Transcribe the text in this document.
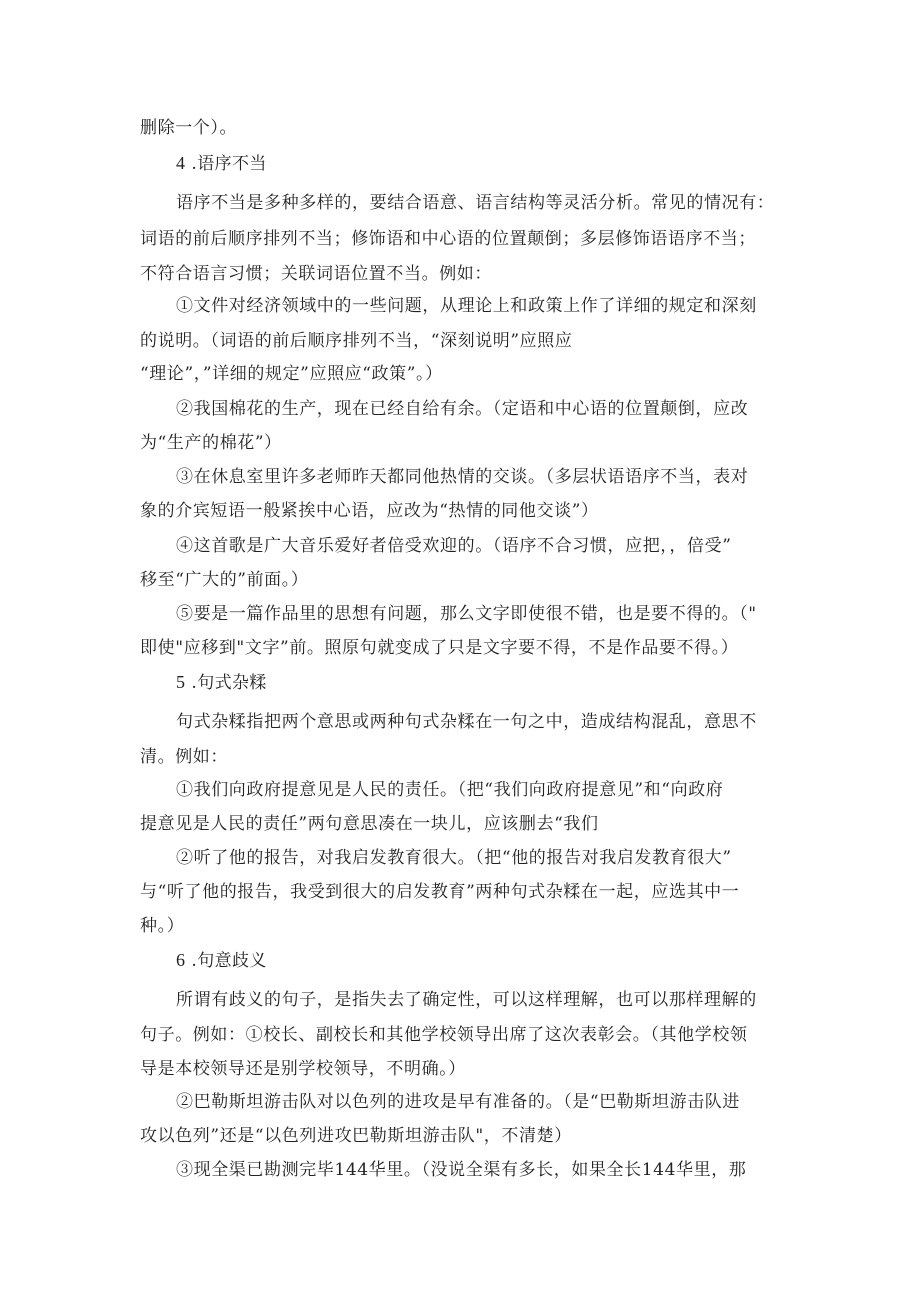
删除一个）。
4 .语序不当
语序不当是多种多样的，要结合语意、语言结构等灵活分析。常见的情况有：
词语的前后顺序排列不当；修饰语和中心语的位置颠倒；多层修饰语语序不当；
不符合语言习惯；关联词语位置不当。例如：
①文件对经济领域中的一些问题，从理论上和政策上作了详细的规定和深刻
的说明。（词语的前后顺序排列不当，“深刻说明”应照应
“理论”，”详细的规定”应照应“政策”。）
②我国棉花的生产，现在已经自给有余。（定语和中心语的位置颠倒，应改
为“生产的棉花”）
③在休息室里许多老师昨天都同他热情的交谈。（多层状语语序不当，表对
象的介宾短语一般紧挨中心语，应改为“热情的同他交谈”）
④这首歌是广大音乐爱好者倍受欢迎的。（语序不合习惯，应把，，倍受”
移至“广大的”前面。）
⑤要是一篇作品里的思想有问题，那么文字即使很不错，也是要不得的。（"
即使"应移到"文字”前。照原句就变成了只是文字要不得，不是作品要不得。）
5 .句式杂糅
句式杂糅指把两个意思或两种句式杂糅在一句之中，造成结构混乱，意思不
清。例如：
①我们向政府提意见是人民的责任。（把“我们向政府提意见”和“向政府
提意见是人民的责任”两句意思凑在一块儿，应该删去“我们
②听了他的报告，对我启发教育很大。（把“他的报告对我启发教育很大”
与“听了他的报告，我受到很大的启发教育”两种句式杂糅在一起，应选其中一
种。）
6 .句意歧义
所谓有歧义的句子，是指失去了确定性，可以这样理解，也可以那样理解的
句子。例如：①校长、副校长和其他学校领导出席了这次表彰会。（其他学校领
导是本校领导还是别学校领导，不明确。）
②巴勒斯坦游击队对以色列的进攻是早有准备的。（是“巴勒斯坦游击队进
攻以色列”还是“以色列进攻巴勒斯坦游击队"，不清楚）
③现全渠已勘测完毕144华里。（没说全渠有多长，如果全长144华里，那
